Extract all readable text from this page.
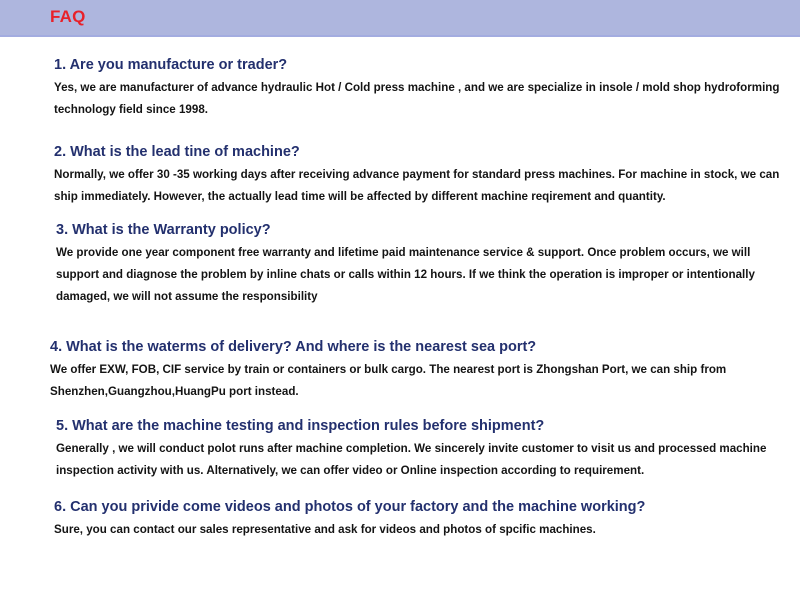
FAQ
1. Are you manufacture or trader?

Yes, we are manufacturer of advance hydraulic Hot / Cold press machine , and we are specialize in insole / mold shop hydroforming

technology field since 1998.

2. What is the lead tine of machine?

Normally, we offer 30 -35 working days after receiving advance payment for standard press machines. For machine in stock, we can

ship immediately. However, the actually lead time will be affected by different machine reqirement and quantity.

3. What is the Warranty policy?

We provide one year component free warranty and lifetime paid maintenance service & support. Once problem occurs, we will

support and diagnose the problem by inline chats or calls within 12 hours. If we think the operation is improper or intentionally

damaged, we will not assume the responsibility

4. What is the waterms of delivery? And where is the nearest sea port?

We offer EXW, FOB, CIF service by train or containers or bulk cargo. The nearest port is Zhongshan Port, we can ship from

Shenzhen,Guangzhou,HuangPu port instead.

5. What are the machine testing and inspection rules before shipment?

Generally , we will conduct polot runs after machine completion. We sincerely invite customer to visit us and processed machine

inspection activity with us. Alternatively, we can offer video or Online inspection according to requirement.

6. Can you privide come videos and photos of your factory and the machine working?

Sure, you can contact our sales representative and ask for videos and photos of spcific machines.
